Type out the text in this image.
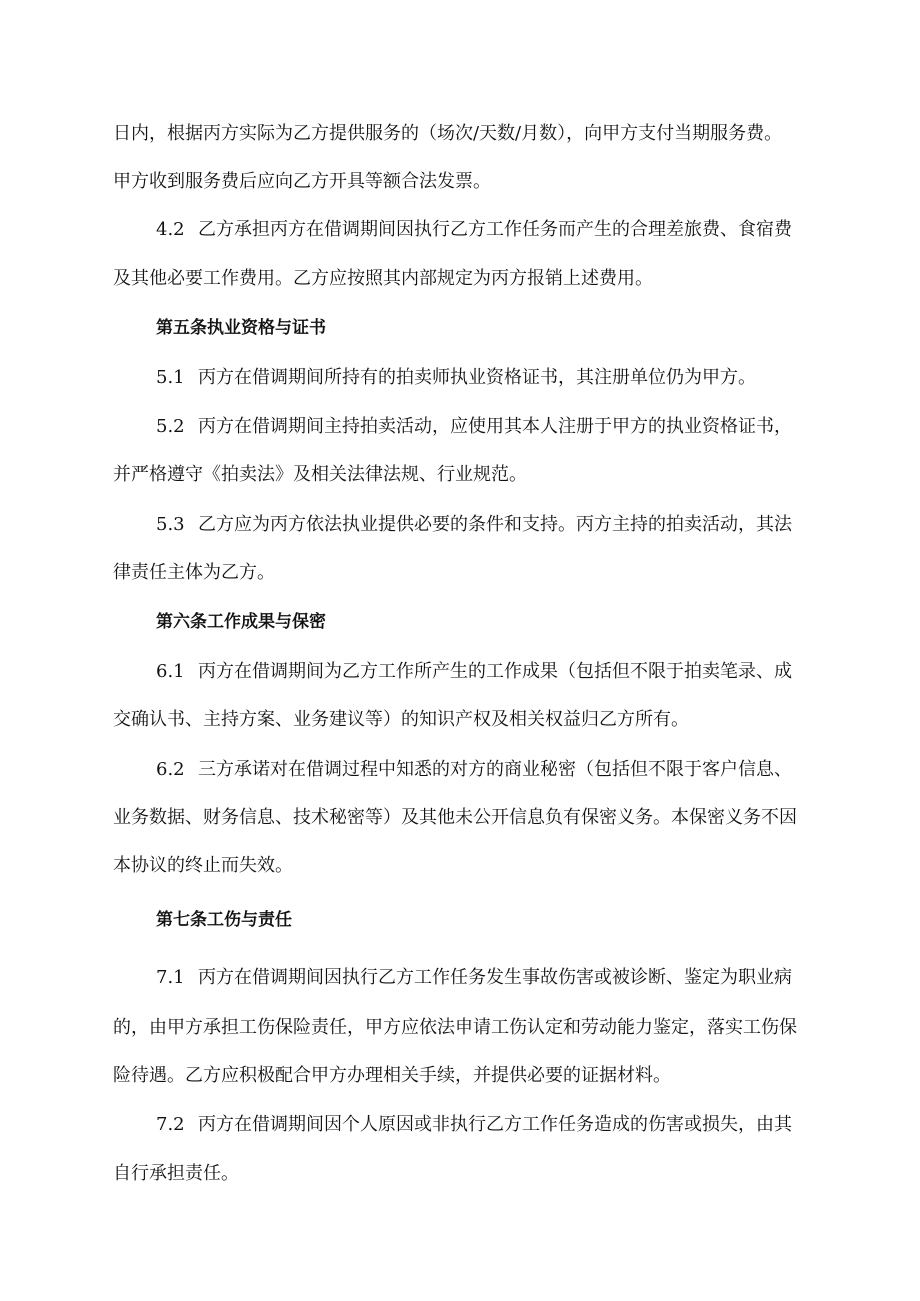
日内，根据丙方实际为乙方提供服务的（场次/天数/月数），向甲方支付当期服务费。
甲方收到服务费后应向乙方开具等额合法发票。
4.2 乙方承担丙方在借调期间因执行乙方工作任务而产生的合理差旅费、食宿费
及其他必要工作费用。乙方应按照其内部规定为丙方报销上述费用。
第五条执业资格与证书
5.1 丙方在借调期间所持有的拍卖师执业资格证书，其注册单位仍为甲方。
5.2 丙方在借调期间主持拍卖活动，应使用其本人注册于甲方的执业资格证书，
并严格遵守《拍卖法》及相关法律法规、行业规范。
5.3 乙方应为丙方依法执业提供必要的条件和支持。丙方主持的拍卖活动，其法
律责任主体为乙方。
第六条工作成果与保密
6.1 丙方在借调期间为乙方工作所产生的工作成果（包括但不限于拍卖笔录、成
交确认书、主持方案、业务建议等）的知识产权及相关权益归乙方所有。
6.2 三方承诺对在借调过程中知悉的对方的商业秘密（包括但不限于客户信息、
业务数据、财务信息、技术秘密等）及其他未公开信息负有保密义务。本保密义务不因
本协议的终止而失效。
第七条工伤与责任
7.1 丙方在借调期间因执行乙方工作任务发生事故伤害或被诊断、鉴定为职业病
的，由甲方承担工伤保险责任，甲方应依法申请工伤认定和劳动能力鉴定，落实工伤保
险待遇。乙方应积极配合甲方办理相关手续，并提供必要的证据材料。
7.2 丙方在借调期间因个人原因或非执行乙方工作任务造成的伤害或损失，由其
自行承担责任。
